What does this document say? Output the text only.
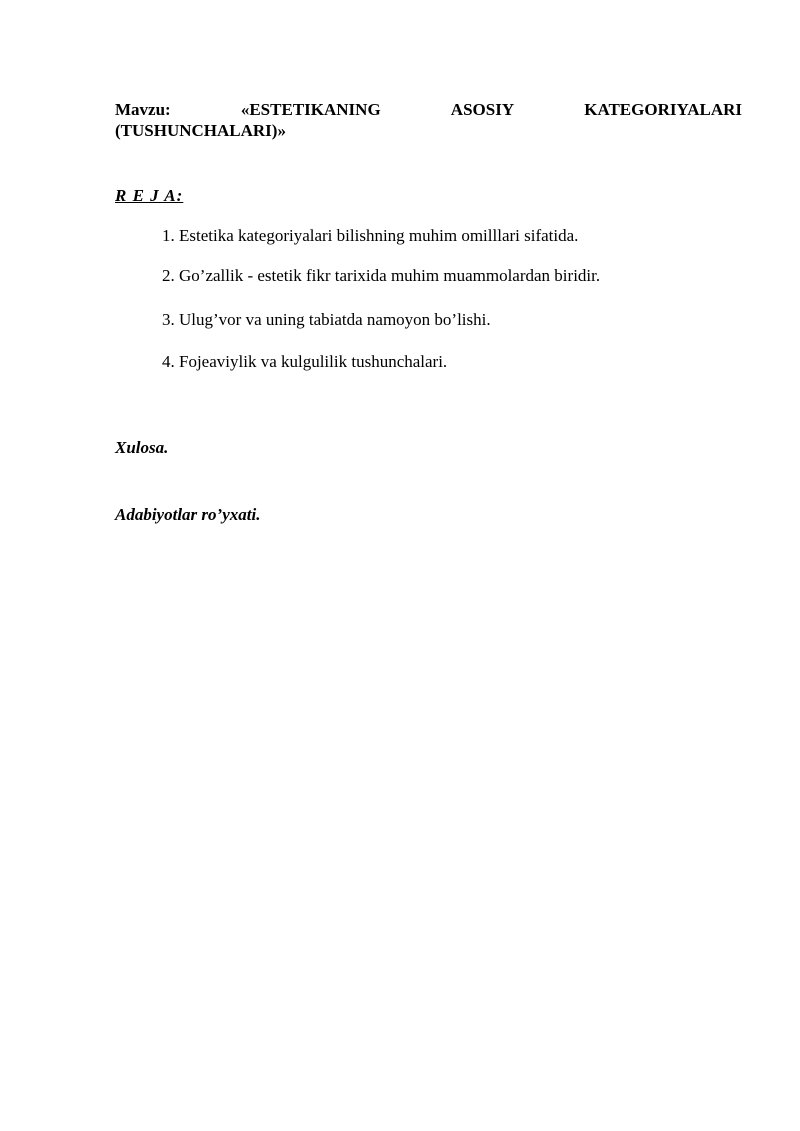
Mavzu:	«ESTETIKANING	ASOSIY	KATEGORIYALARI
(TUSHUNCHALARI)»
R E J A:
1. Estetika kategoriyalari bilishning muhim omilllari sifatida.
2. Go’zallik - estetik fikr tarixida muhim muammolardan biridir.
3. Ulug’vor va uning tabiatda namoyon bo’lishi.
4. Fojeaviylik va kulgulilik tushunchalari.

Xulosa.

Adabiyotlar ro’yxati.
